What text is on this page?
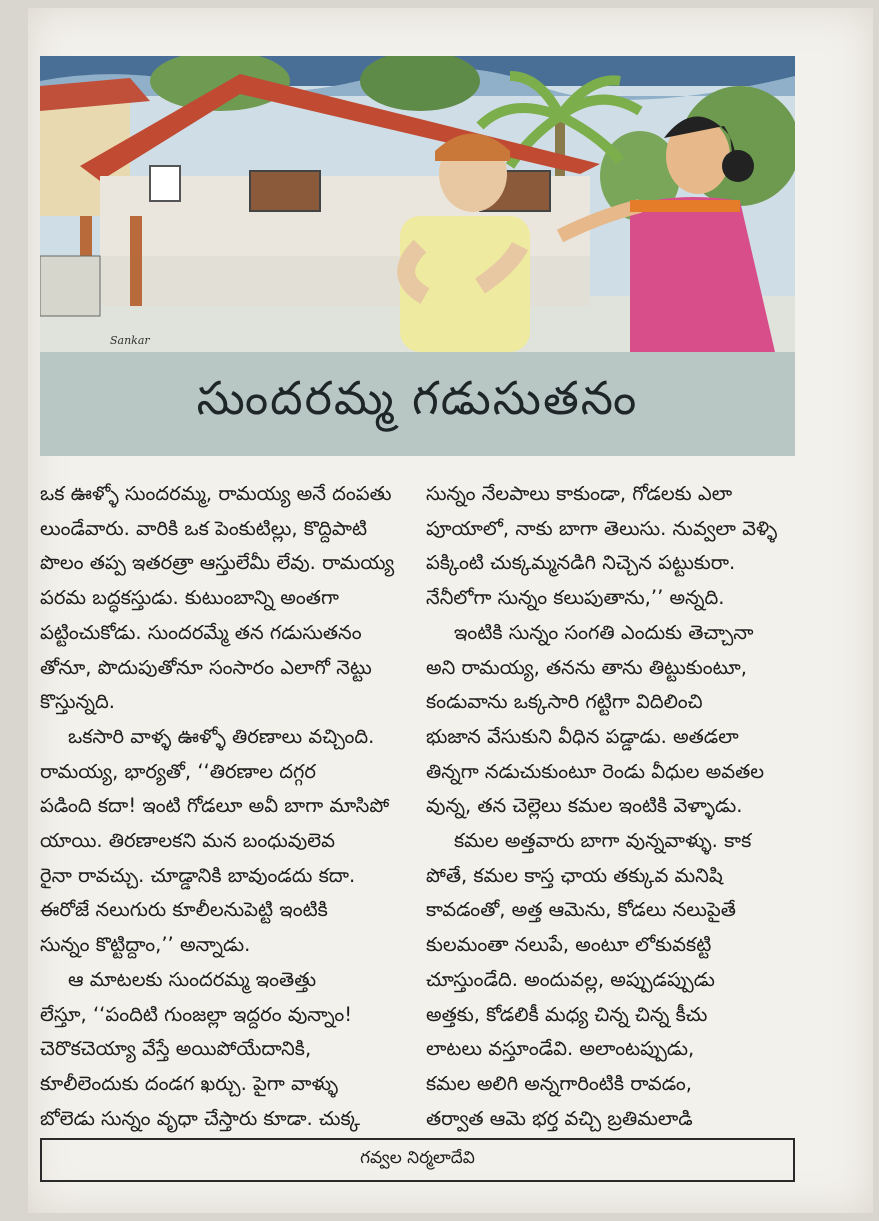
Sankar
సుందరమ్మ గడుసుతనం
ఒక ఊళ్ళో సుందరమ్మ, రామయ్య అనే దంపతు
లుండేవారు. వారికి ఒక పెంకుటిల్లు, కొద్దిపాటి
పొలం తప్ప ఇతరత్రా ఆస్తులేమీ లేవు. రామయ్య
పరమ బద్ధకస్తుడు. కుటుంబాన్ని అంతగా
పట్టించుకోడు. సుందరమ్మే తన గడుసుతనం
తోనూ, పొదుపుతోనూ సంసారం ఎలాగో నెట్టు
కొస్తున్నది.
ఒకసారి వాళ్ళ ఊళ్ళో తిరణాలు వచ్చింది.
రామయ్య, భార్యతో, ‘‘తిరణాల దగ్గర
పడింది కదా! ఇంటి గోడలూ అవీ బాగా మాసిపో
యాయి. తిరణాలకని మన బంధువులెవ
రైనా రావచ్చు. చూడ్డానికి బావుండదు కదా.
ఈరోజే నలుగురు కూలీలనుపెట్టి ఇంటికి
సున్నం కొట్టిద్దాం,’’ అన్నాడు.
ఆ మాటలకు సుందరమ్మ ఇంతెత్తు
లేస్తూ, ‘‘పందిటి గుంజల్లా ఇద్దరం వున్నాం!
చెరొకచెయ్యా వేస్తే అయిపోయేదానికి,
కూలీలెందుకు దండగ ఖర్చు. పైగా వాళ్ళు
బోలెడు సున్నం వృధా చేస్తారు కూడా. చుక్క
సున్నం నేలపాలు కాకుండా, గోడలకు ఎలా
పూయాలో, నాకు బాగా తెలుసు. నువ్వలా వెళ్ళి
పక్కింటి చుక్కమ్మనడిగి నిచ్చెన పట్టుకురా.
నేనీలోగా సున్నం కలుపుతాను,’’ అన్నది.
ఇంటికి సున్నం సంగతి ఎందుకు తెచ్చానా
అని రామయ్య, తనను తాను తిట్టుకుంటూ,
కండువాను ఒక్కసారి గట్టిగా విదిలించి
భుజాన వేసుకుని వీధిన పడ్డాడు. అతడలా
తిన్నగా నడుచుకుంటూ రెండు వీధుల అవతల
వున్న, తన చెల్లెలు కమల ఇంటికి వెళ్ళాడు.
కమల అత్తవారు బాగా వున్నవాళ్ళు. కాక
పోతే, కమల కాస్త ఛాయ తక్కువ మనిషి
కావడంతో, అత్త ఆమెను, కోడలు నలుపైతే
కులమంతా నలుపే, అంటూ లోకువకట్టి
చూస్తుండేది. అందువల్ల, అప్పుడప్పుడు
అత్తకు, కోడలికీ మధ్య చిన్న చిన్న కీచు
లాటలు వస్తూండేవి. అలాంటప్పుడు,
కమల అలిగి అన్నగారింటికి రావడం,
తర్వాత ఆమె భర్త వచ్చి బ్రతిమలాడి
గవ్వల నిర్మలాదేవి
